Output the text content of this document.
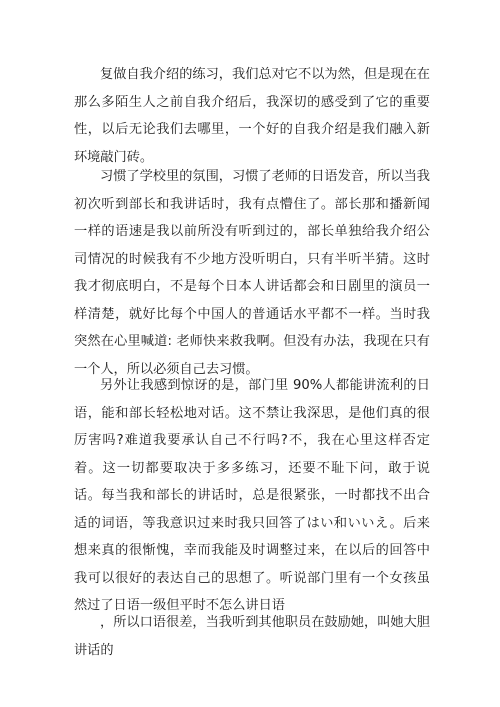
复做自我介绍的练习，我们总对它不以为然，但是现在在那么多陌生人之前自我介绍后，我深切的感受到了它的重要性，以后无论我们去哪里，一个好的自我介绍是我们融入新环境敲门砖。

习惯了学校里的氛围，习惯了老师的日语发音，所以当我初次听到部长和我讲话时，我有点懵住了。部长那和播新闻一样的语速是我以前所没有听到过的，部长单独给我介绍公司情况的时候我有不少地方没听明白，只有半听半猜。这时我才彻底明白，不是每个日本人讲话都会和日剧里的演员一样清楚，就好比每个中国人的普通话水平都不一样。当时我突然在心里喊道: 老师快来救我啊。但没有办法，我现在只有一个人，所以必须自己去习惯。

另外让我感到惊讶的是，部门里 90%人都能讲流利的日语，能和部长轻松地对话。这不禁让我深思，是他们真的很厉害吗?难道我要承认自己不行吗?不，我在心里这样否定着。这一切都要取决于多多练习，还要不耻下问，敢于说话。每当我和部长的讲话时，总是很紧张，一时都找不出合适的词语，等我意识过来时我只回答了はい和いいえ。后来想来真的很惭愧，幸而我能及时调整过来，在以后的回答中我可以很好的表达自己的思想了。听说部门里有一个女孩虽然过了日语一级但平时不怎么讲日语

，所以口语很差，当我听到其他职员在鼓励她，叫她大胆讲话的
